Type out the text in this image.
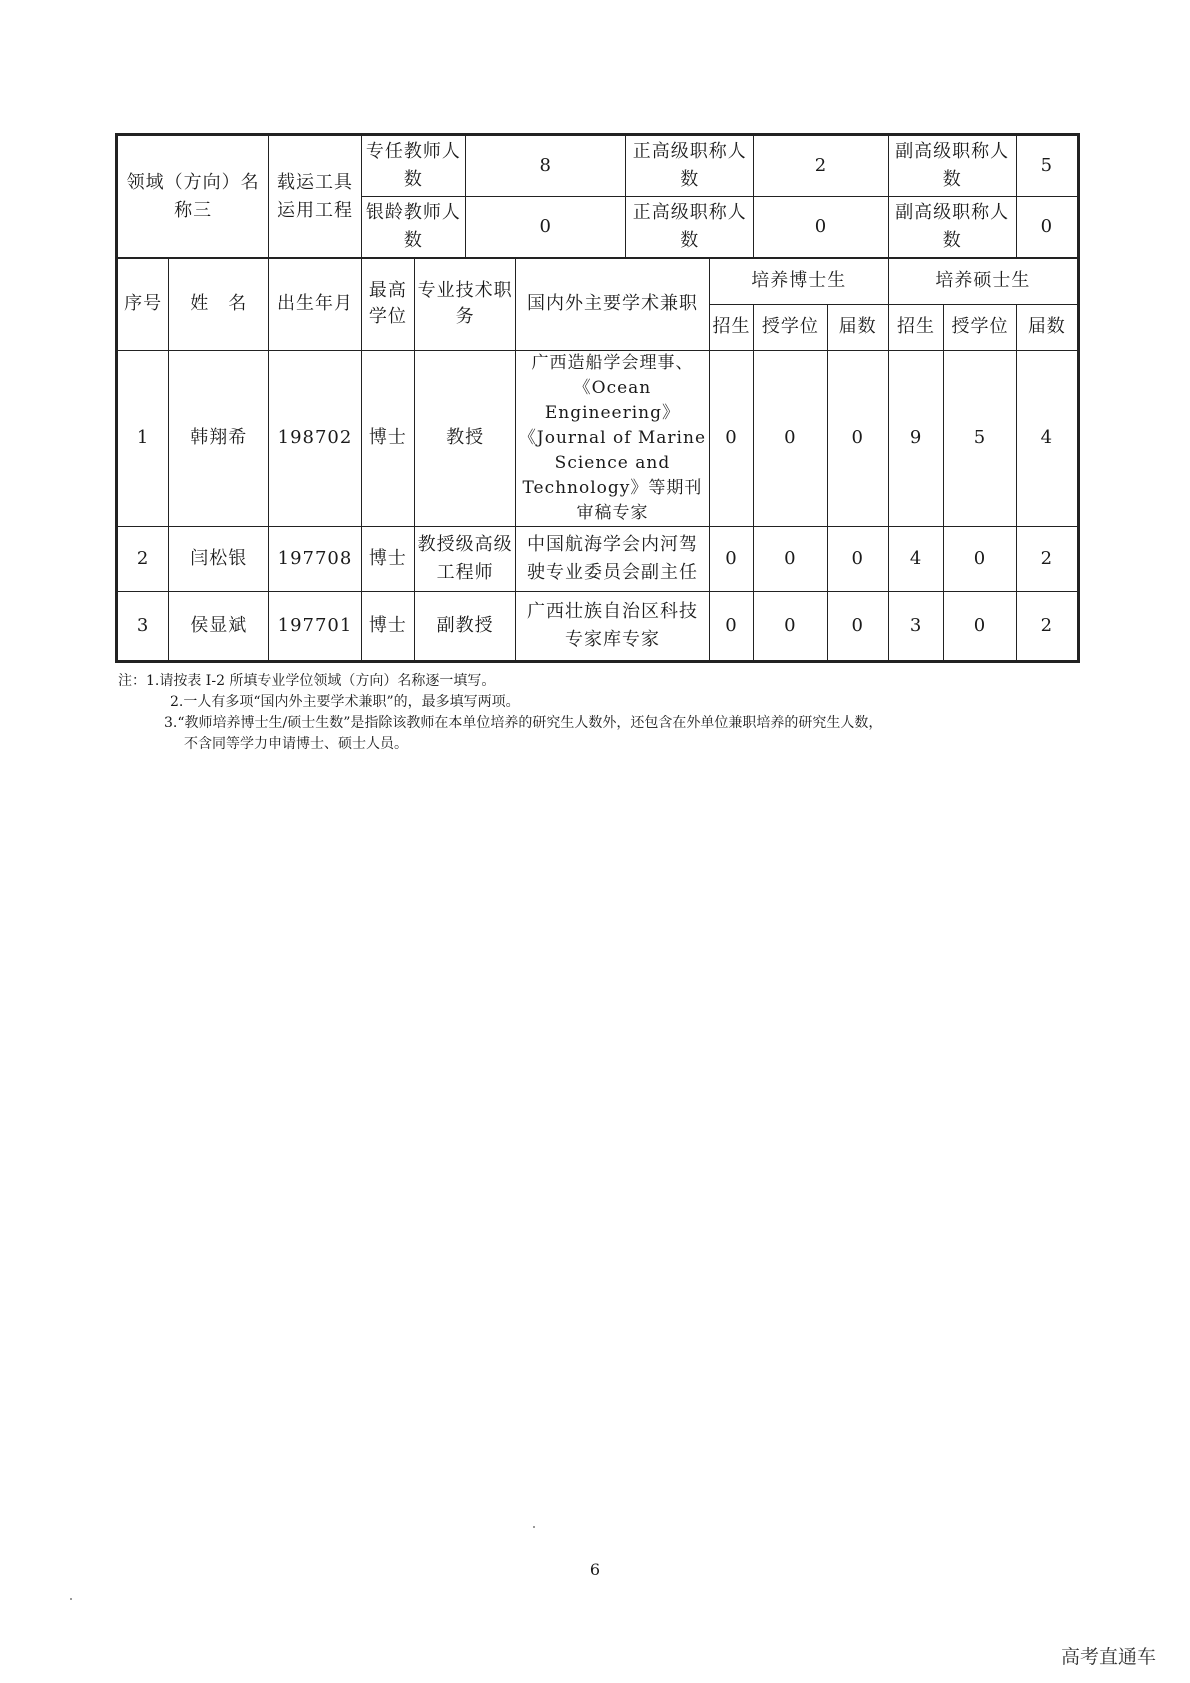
领域（方向）名称三		载运工具运用工程	专任教师人数		8		正高级职称人数		2		副高级职称人数		5
			银龄教师人数		0		正高级职称人数		0		副高级职称人数		0
序号	姓　名	出生年月	最高学位	专业技术职　务		国内外主要学术兼职		培养博士生			培养硕士生		
								招生	授学位	届数	招生	授学位	届数
1	韩翔希	198702	博士	教授		广西造船学会理事、《Ocean Engineering》《Journal of Marine Science and Technology》等期刊审稿专家		0	0	0	9	5	4
2	闫松银	197708	博士	教授级高级工程师		中国航海学会内河驾驶专业委员会副主任		0	0	0	4	0	2
3	侯显斌	197701	博士	副教授		广西壮族自治区科技专家库专家		0	0	0	3	0	2
注：1.请按表 I-2 所填专业学位领域（方向）名称逐一填写。
2.一人有多项“国内外主要学术兼职”的，最多填写两项。
3.“教师培养博士生/硕士生数”是指除该教师在本单位培养的研究生人数外，还包含在外单位兼职培养的研究生人数，
不含同等学力申请博士、硕士人员。
6
高考直通车
